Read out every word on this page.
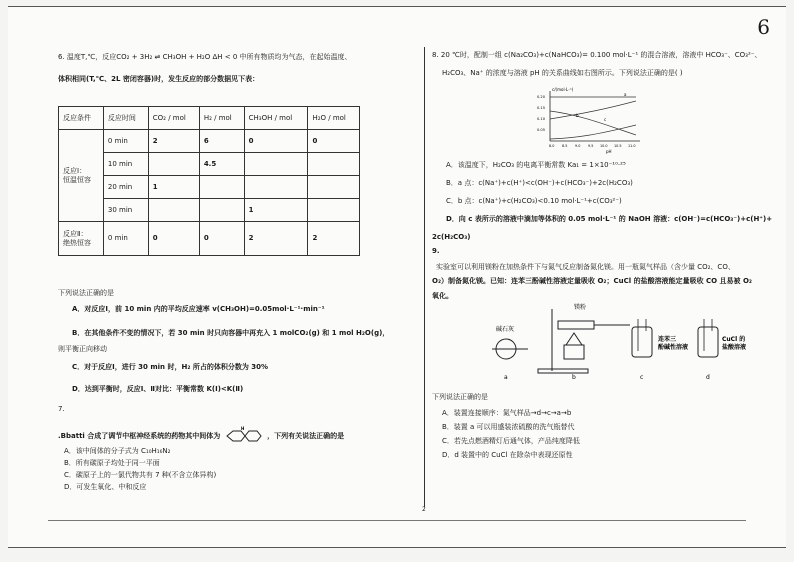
6
6. 温度T,℃，反应CO₂ + 3H₂ ⇌ CH₃OH + H₂O ΔH < 0 中所有物质均为气态，在起始温度、
体积相同(T,℃、2L 密闭容器)时，发生反应的部分数据见下表：
反应条件	反应时间	CO₂ / mol	H₂ / mol	CH₃OH / mol	H₂O / mol

反应Ⅰ：
恒温恒容	0 min	2	6	0	0
	10 min		4.5		
	20 min	1			
	30 min			1	

反应Ⅱ：
绝热恒容	0 min	0	0	2	2
下列说法正确的是
A．对反应Ⅰ，前 10 min 内的平均反应速率 v(CH₃OH)=0.05mol·L⁻¹·min⁻¹
B．在其他条件不变的情况下，若 30 min 时只向容器中再充入 1 molCO₂(g) 和 1 mol H₂O(g)，
则平衡正向移动
C．对于反应Ⅰ，进行 30 min 时，H₂ 所占的体积分数为 30%
D．达到平衡时，反应Ⅰ、Ⅱ对比：平衡常数 K(Ⅰ)<K(Ⅱ)
7.
.Bbatti 合成了调节中枢神经系统的药物其中间体为
H
，下列有关说法正确的是
A．该中间体的分子式为 C₁₀H₁₆N₂
B．所有碳原子均处于同一平面
C．碳原子上的一氯代物共有 7 种(不含立体异构)
D．可发生氧化、中和反应
8. 20 ℃时，配制一组 c(Na₂CO₃)+c(NaHCO₃)= 0.100 mol·L⁻¹ 的混合溶液，溶液中 HCO₃⁻、CO₃²⁻、
H₂CO₃、Na⁺ 的浓度与溶液 pH 的关系曲线如右图所示。下列说法正确的是( )
c/(mol·L⁻¹)
pH
0.20
0.15
0.10
0.05
8.0 8.5 9.0 9.5 10.0 10.5 11.0
a
b
c
A．该温度下，H₂CO₃ 的电离平衡常数 Ka₁ = 1×10⁻¹⁰·²⁵
B．a 点：c(Na⁺)+c(H⁺)<c(OH⁻)+c(HCO₃⁻)+2c(H₂CO₃)
C．b 点：c(Na⁺)+c(H₂CO₃)<0.10 mol·L⁻¹+c(CO₃²⁻)
D．向 c 表所示的溶液中滴加等体积的 0.05 mol·L⁻¹ 的 NaOH 溶液：c(OH⁻)=c(HCO₃⁻)+c(H⁺)+
2c(H₂CO₃)
9.
实验室可以利用镁粉在加热条件下与氮气反应制备氮化镁。用一瓶氮气样品（含少量 CO₂、CO、
O₂）制备氮化镁。已知：连苯三酚碱性溶液定量吸收 O₂；CuCl 的盐酸溶液能定量吸收 CO 且易被 O₂
氧化。
碱石灰
镁粉
连苯三
酚碱性溶液
CuCl 的
盐酸溶液
a	b	c	d
下列说法正确的是
A．装置连接顺序：氮气样品→d→c→a→b
B．装置 a 可以用盛装浓硫酸的洗气瓶替代
C．若先点燃酒精灯后通气体，产品纯度降低
D．d 装置中的 CuCl 在除杂中表现还原性
2
